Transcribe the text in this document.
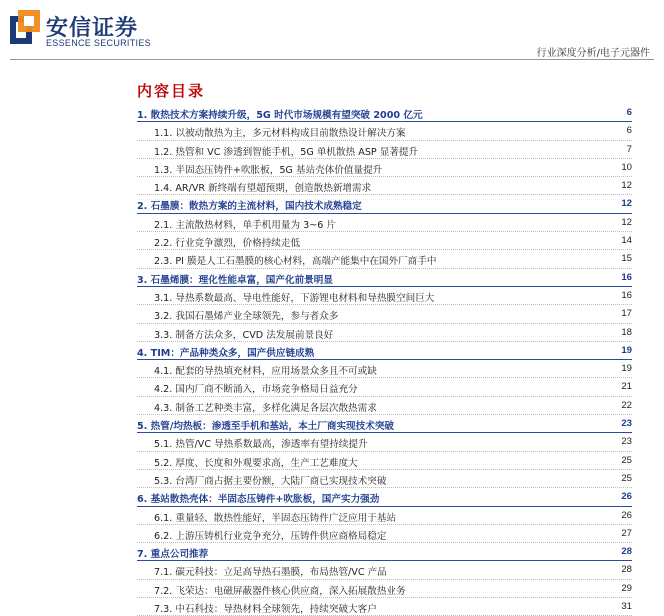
安信证券
ESSENCE SECURITIES
行业深度分析/电子元器件
内容目录
1. 散热技术方案持续升级，5G 时代市场规模有望突破 2000 亿元	6
1.1. 以被动散热为主，多元材料构成目前散热设计解决方案	6
1.2. 热管和 VC 渗透到智能手机，5G 单机散热 ASP 显著提升	7
1.3. 半固态压铸件+吹胀板，5G 基站壳体价值量提升	10
1.4. AR/VR 新终端有望超预期，创造散热新增需求	12
2. 石墨膜：散热方案的主流材料，国内技术成熟稳定	12
2.1. 主流散热材料，单手机用量为 3~6 片	12
2.2. 行业竞争激烈，价格持续走低	14
2.3. PI 膜是人工石墨膜的核心材料，高端产能集中在国外厂商手中	15
3. 石墨烯膜：理化性能卓富，国产化前景明显	16
3.1. 导热系数最高、导电性能好，下游锂电材料和导热膜空间巨大	16
3.2. 我国石墨烯产业全球领先，参与者众多	17
3.3. 制备方法众多，CVD 法发展前景良好	18
4. TIM：产品种类众多，国产供应链成熟	19
4.1. 配套的导热填充材料，应用场景众多且不可或缺	19
4.2. 国内厂商不断涌入，市场竞争格局日益充分	21
4.3. 制备工艺种类丰富，多样化满足各层次散热需求	22
5. 热管/均热板：渗透至手机和基站，本土厂商实现技术突破	23
5.1. 热管/VC 导热系数最高，渗透率有望持续提升	23
5.2. 厚度、长度和外观要求高，生产工艺难度大	25
5.3. 台湾厂商占据主要份额，大陆厂商已实现技术突破	25
6. 基站散热壳体：半固态压铸件+吹胀板，国产实力强劲	26
6.1. 重量轻、散热性能好，半固态压铸件广泛应用于基站	26
6.2. 上游压铸机行业竞争充分，压铸件供应商格局稳定	27
7. 重点公司推荐	28
7.1. 碳元科技：立足高导热石墨膜，布局热管/VC 产品	28
7.2. 飞荣达：电磁屏蔽器件核心供应商，深入拓展散热业务	29
7.3. 中石科技：导热材料全球领先，持续突破大客户	31
